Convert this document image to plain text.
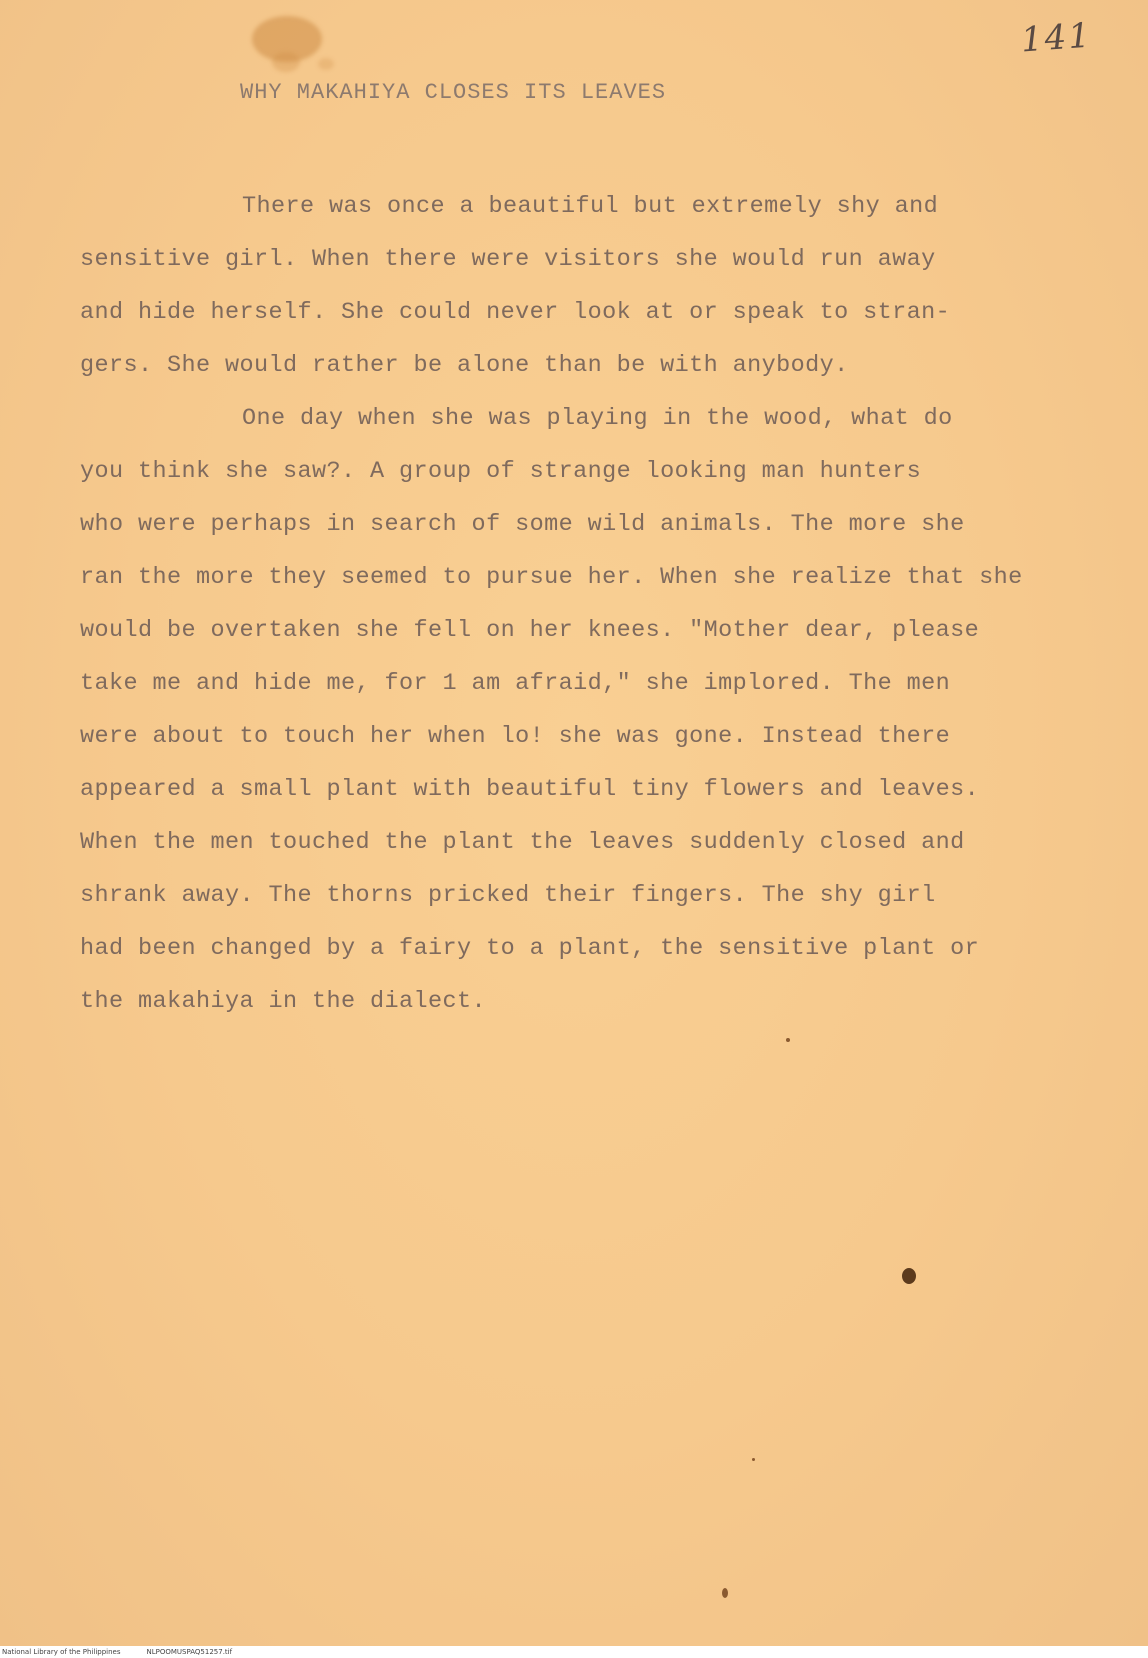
141
WHY MAKAHIYA CLOSES ITS LEAVES
There was once a beautiful but extremely shy and
sensitive girl. When there were visitors she would run away
and hide herself. She could never look at or speak to stran-
gers. She would rather be alone than be with anybody.
One day when she was playing in the wood, what do
you think she saw?. A group of strange looking man hunters
who were perhaps in search of some wild animals. The more she
ran the more they seemed to pursue her. When she realize that she
would be overtaken she fell on her knees. "Mother dear, please
take me and hide me, for 1 am afraid," she implored. The men
were about to touch her when lo! she was gone. Instead there
appeared a small plant with beautiful tiny flowers and leaves.
When the men touched the plant the leaves suddenly closed and
shrank away. The thorns pricked their fingers. The shy girl
had been changed by a fairy to a plant, the sensitive plant or
the makahiya in the dialect.
National Library of the Philippines	NLPOOMUSPAQ51257.tif
